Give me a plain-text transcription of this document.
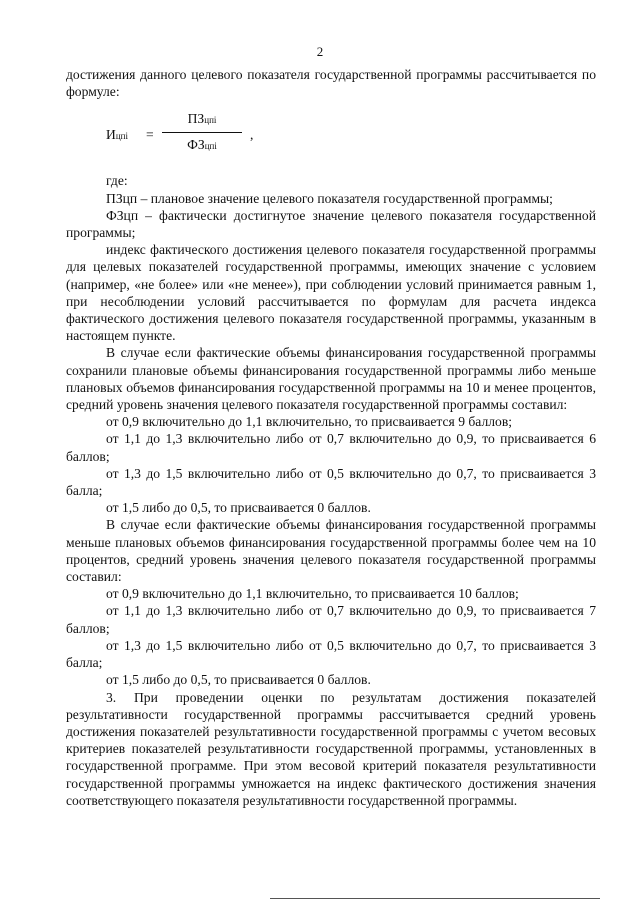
2

достижения данного целевого показателя государственной программы рассчитывается по формуле:

Ицпi =
ПЗцпi
ФЗцпi
,

где:

ПЗцп – плановое значение целевого показателя государственной программы;

ФЗцп – фактически достигнутое значение целевого показателя государственной программы;

индекс фактического достижения целевого показателя государственной программы для целевых показателей государственной программы, имеющих значение с условием (например, «не более» или «не менее»), при соблюдении условий принимается равным 1, при несоблюдении условий рассчитывается по формулам для расчета индекса фактического достижения целевого показателя государственной программы, указанным в настоящем пункте.

В случае если фактические объемы финансирования государственной программы сохранили плановые объемы финансирования государственной программы либо меньше плановых объемов финансирования государственной программы на 10 и менее процентов, средний уровень значения целевого показателя государственной программы составил:

от 0,9 включительно до 1,1 включительно, то присваивается 9 баллов;

от 1,1 до 1,3 включительно либо от 0,7 включительно до 0,9, то присваивается 6 баллов;

от 1,3 до 1,5 включительно либо от 0,5 включительно до 0,7, то присваивается 3 балла;

от 1,5 либо до 0,5, то присваивается 0 баллов.

В случае если фактические объемы финансирования государственной программы меньше плановых объемов финансирования государственной программы более чем на 10 процентов, средний уровень значения целевого показателя государственной программы составил:

от 0,9 включительно до 1,1 включительно, то присваивается 10 баллов;

от 1,1 до 1,3 включительно либо от 0,7 включительно до 0,9, то присваивается 7 баллов;

от 1,3 до 1,5 включительно либо от 0,5 включительно до 0,7, то присваивается 3 балла;

от 1,5 либо до 0,5, то присваивается 0 баллов.

3. При проведении оценки по результатам достижения показателей результативности государственной программы рассчитывается средний уровень достижения показателей результативности государственной программы с учетом весовых критериев показателей результативности государственной программы, установленных в государственной программе. При этом весовой критерий показателя результативности государственной программы умножается на индекс фактического достижения значения соответствующего показателя результативности государственной программы.
